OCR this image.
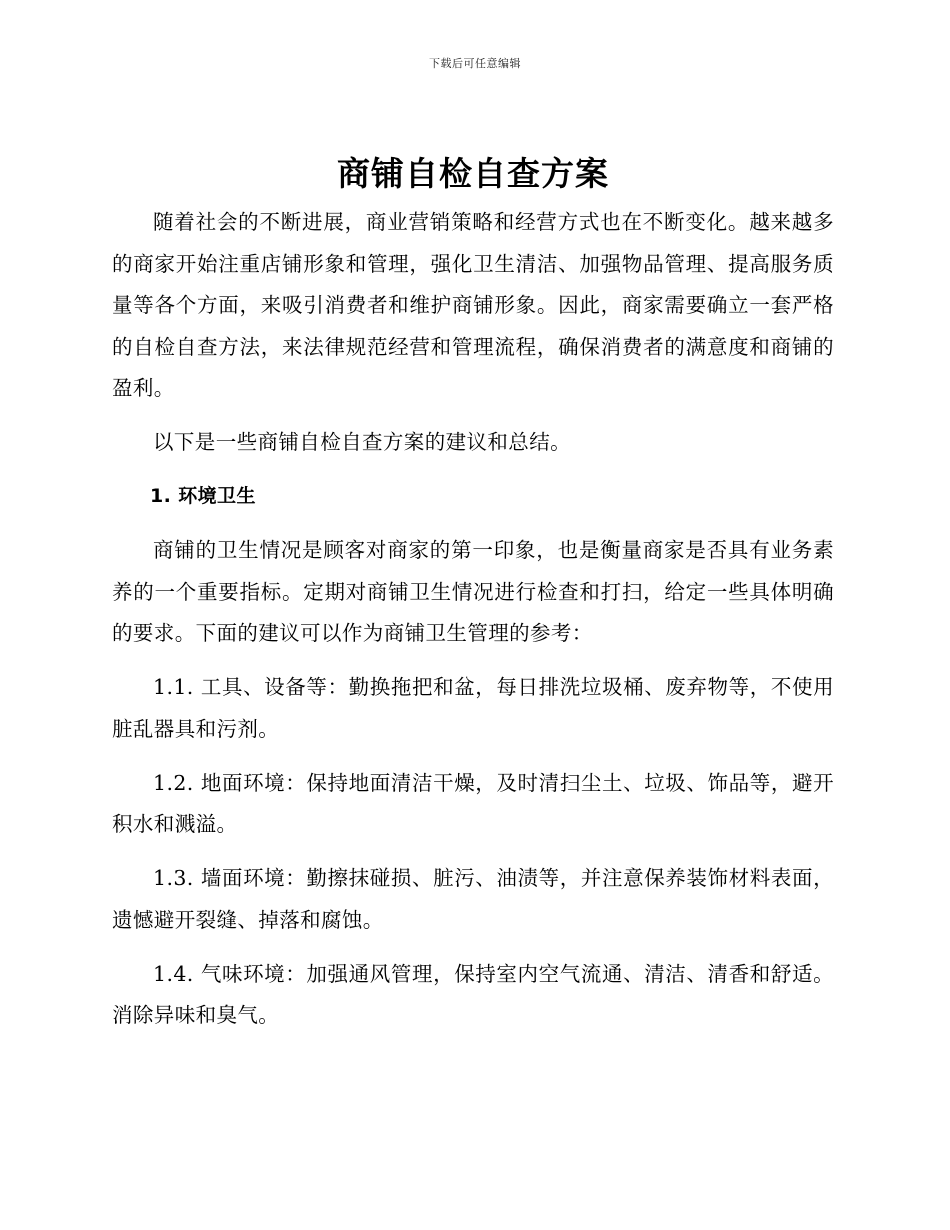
下载后可任意编辑
商铺自检自查方案

随着社会的不断进展，商业营销策略和经营方式也在不断变化。越来越多的商家开始注重店铺形象和管理，强化卫生清洁、加强物品管理、提高服务质量等各个方面，来吸引消费者和维护商铺形象。因此，商家需要确立一套严格的自检自查方法，来法律规范经营和管理流程，确保消费者的满意度和商铺的盈利。

以下是一些商铺自检自查方案的建议和总结。

1. 环境卫生

商铺的卫生情况是顾客对商家的第一印象，也是衡量商家是否具有业务素养的一个重要指标。定期对商铺卫生情况进行检查和打扫，给定一些具体明确的要求。下面的建议可以作为商铺卫生管理的参考：

1.1. 工具、设备等：勤换拖把和盆，每日排洗垃圾桶、废弃物等，不使用脏乱器具和污剂。

1.2. 地面环境：保持地面清洁干燥，及时清扫尘土、垃圾、饰品等，避开积水和溅溢。

1.3. 墙面环境：勤擦抹碰损、脏污、油渍等，并注意保养装饰材料表面，遗憾避开裂缝、掉落和腐蚀。

1.4. 气味环境：加强通风管理，保持室内空气流通、清洁、清香和舒适。消除异味和臭气。
